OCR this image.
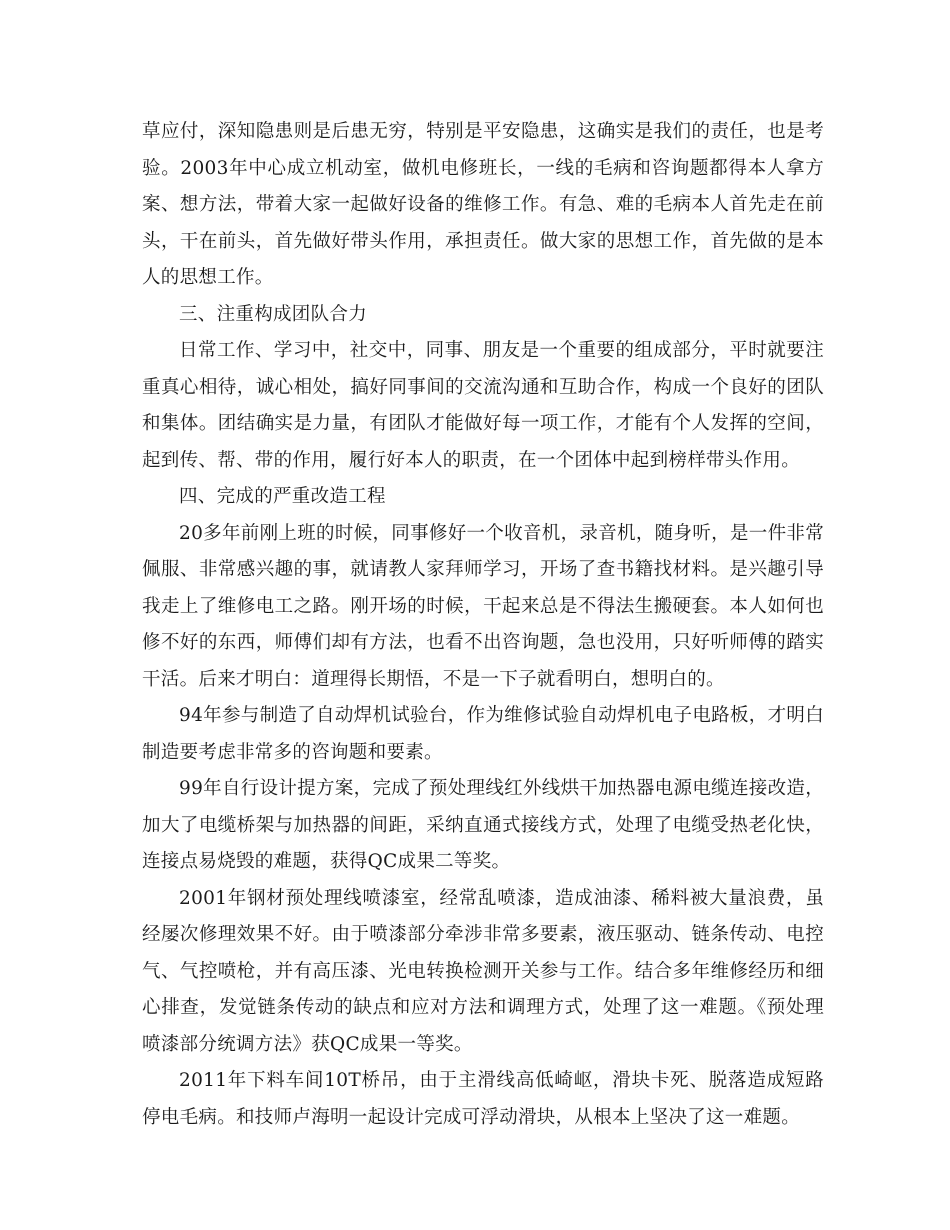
草应付，深知隐患则是后患无穷，特别是平安隐患，这确实是我们的责任，也是考验。2003年中心成立机动室，做机电修班长，一线的毛病和咨询题都得本人拿方案、想方法，带着大家一起做好设备的维修工作。有急、难的毛病本人首先走在前头，干在前头，首先做好带头作用，承担责任。做大家的思想工作，首先做的是本人的思想工作。

三、注重构成团队合力

日常工作、学习中，社交中，同事、朋友是一个重要的组成部分，平时就要注重真心相待，诚心相处，搞好同事间的交流沟通和互助合作，构成一个良好的团队和集体。团结确实是力量，有团队才能做好每一项工作，才能有个人发挥的空间，起到传、帮、带的作用，履行好本人的职责，在一个团体中起到榜样带头作用。

四、完成的严重改造工程

20多年前刚上班的时候，同事修好一个收音机，录音机，随身听，是一件非常佩服、非常感兴趣的事，就请教人家拜师学习，开场了查书籍找材料。是兴趣引导我走上了维修电工之路。刚开场的时候，干起来总是不得法生搬硬套。本人如何也修不好的东西，师傅们却有方法，也看不出咨询题，急也没用，只好听师傅的踏实干活。后来才明白：道理得长期悟，不是一下子就看明白，想明白的。

94年参与制造了自动焊机试验台，作为维修试验自动焊机电子电路板，才明白制造要考虑非常多的咨询题和要素。

99年自行设计提方案，完成了预处理线红外线烘干加热器电源电缆连接改造，加大了电缆桥架与加热器的间距，采纳直通式接线方式，处理了电缆受热老化快，连接点易烧毁的难题，获得QC成果二等奖。

2001年钢材预处理线喷漆室，经常乱喷漆，造成油漆、稀料被大量浪费，虽经屡次修理效果不好。由于喷漆部分牵涉非常多要素，液压驱动、链条传动、电控气、气控喷枪，并有高压漆、光电转换检测开关参与工作。结合多年维修经历和细心排查，发觉链条传动的缺点和应对方法和调理方式，处理了这一难题。《预处理喷漆部分统调方法》获QC成果一等奖。

2011年下料车间10T桥吊，由于主滑线高低崎岖，滑块卡死、脱落造成短路停电毛病。和技师卢海明一起设计完成可浮动滑块，从根本上坚决了这一难题。
